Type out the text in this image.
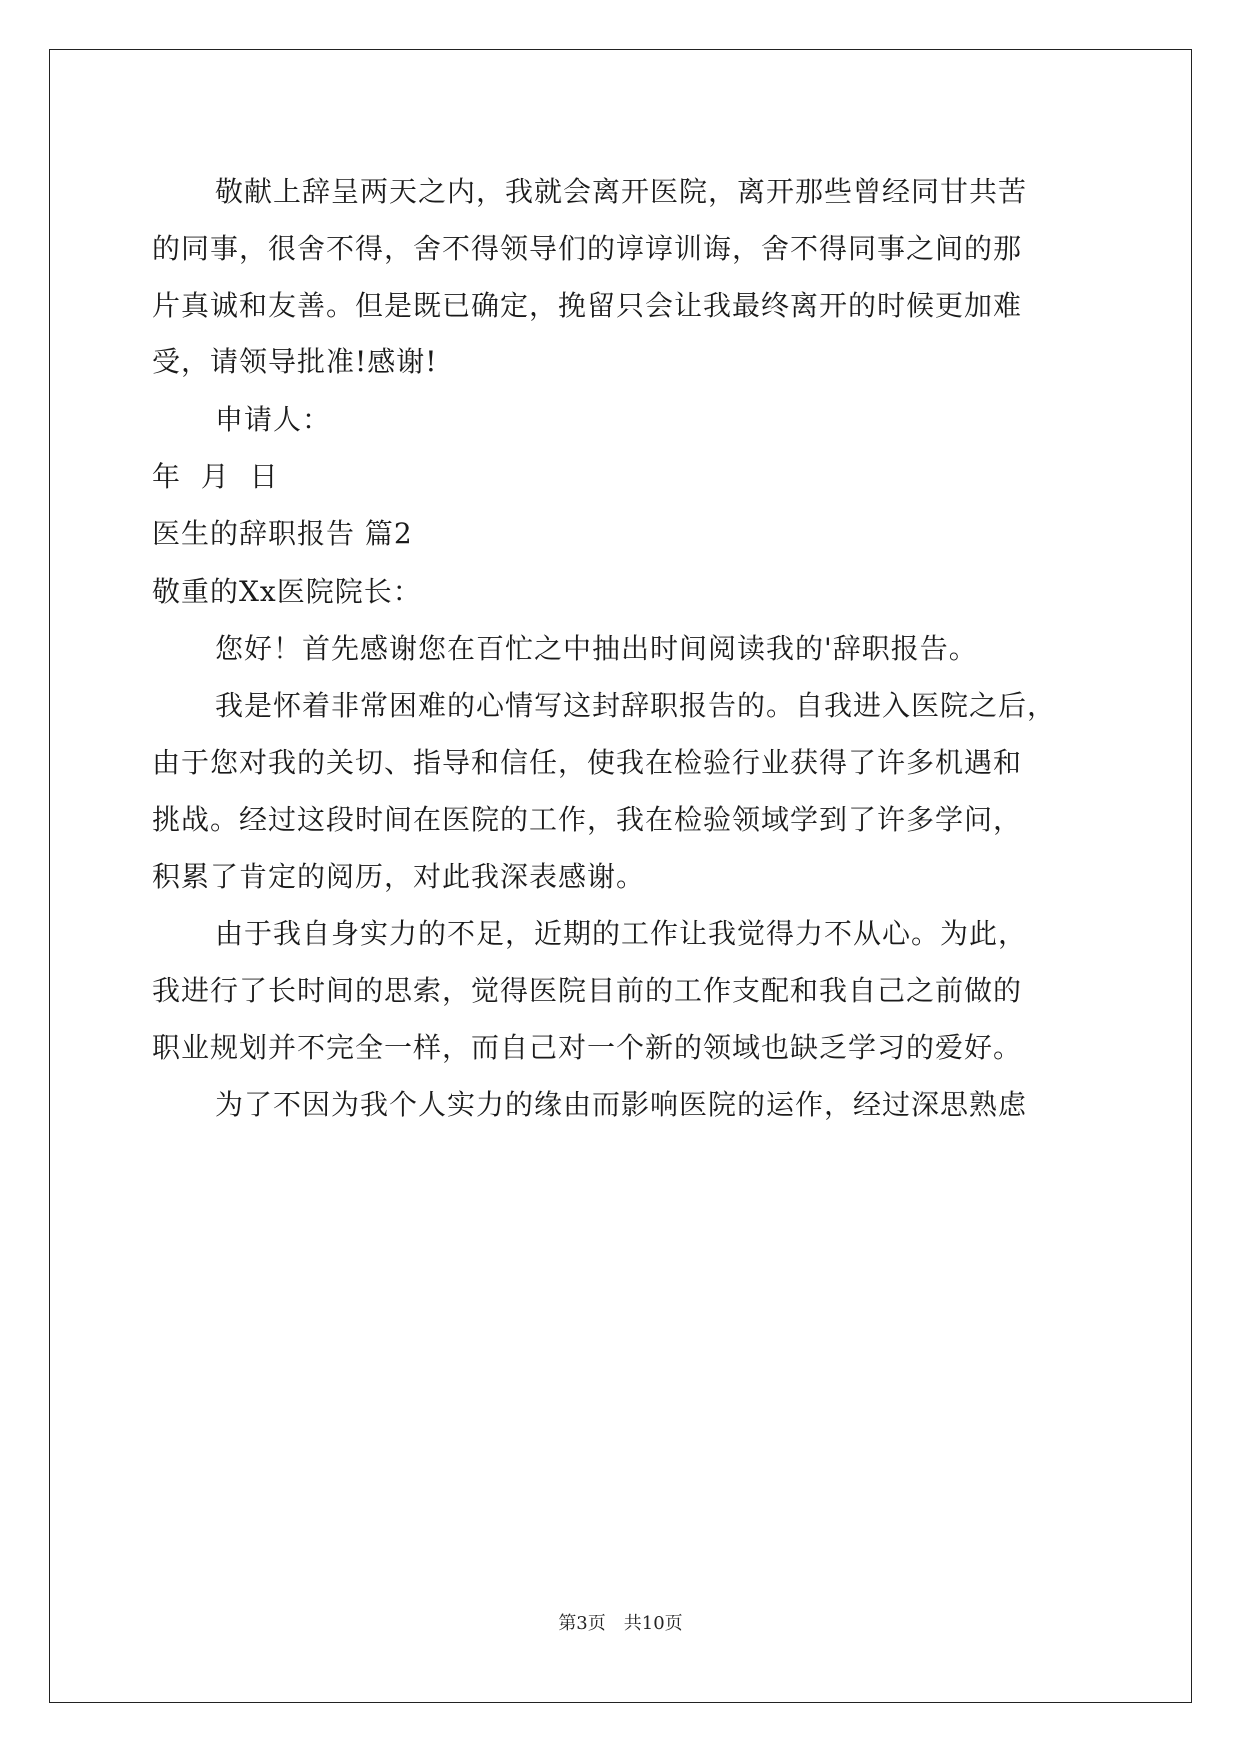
敬献上辞呈两天之内，我就会离开医院，离开那些曾经同甘共苦
的同事，很舍不得，舍不得领导们的谆谆训诲，舍不得同事之间的那
片真诚和友善。但是既已确定，挽留只会让我最终离开的时候更加难
受，请领导批准!感谢!
申请人：
年  月  日
医生的辞职报告 篇2
敬重的Xx医院院长：
您好！首先感谢您在百忙之中抽出时间阅读我的'辞职报告。
我是怀着非常困难的心情写这封辞职报告的。自我进入医院之后，
由于您对我的关切、指导和信任，使我在检验行业获得了许多机遇和
挑战。经过这段时间在医院的工作，我在检验领域学到了许多学问，
积累了肯定的阅历，对此我深表感谢。
由于我自身实力的不足，近期的工作让我觉得力不从心。为此，
我进行了长时间的思索，觉得医院目前的工作支配和我自己之前做的
职业规划并不完全一样，而自己对一个新的领域也缺乏学习的爱好。
为了不因为我个人实力的缘由而影响医院的运作，经过深思熟虑
第3页　共10页
